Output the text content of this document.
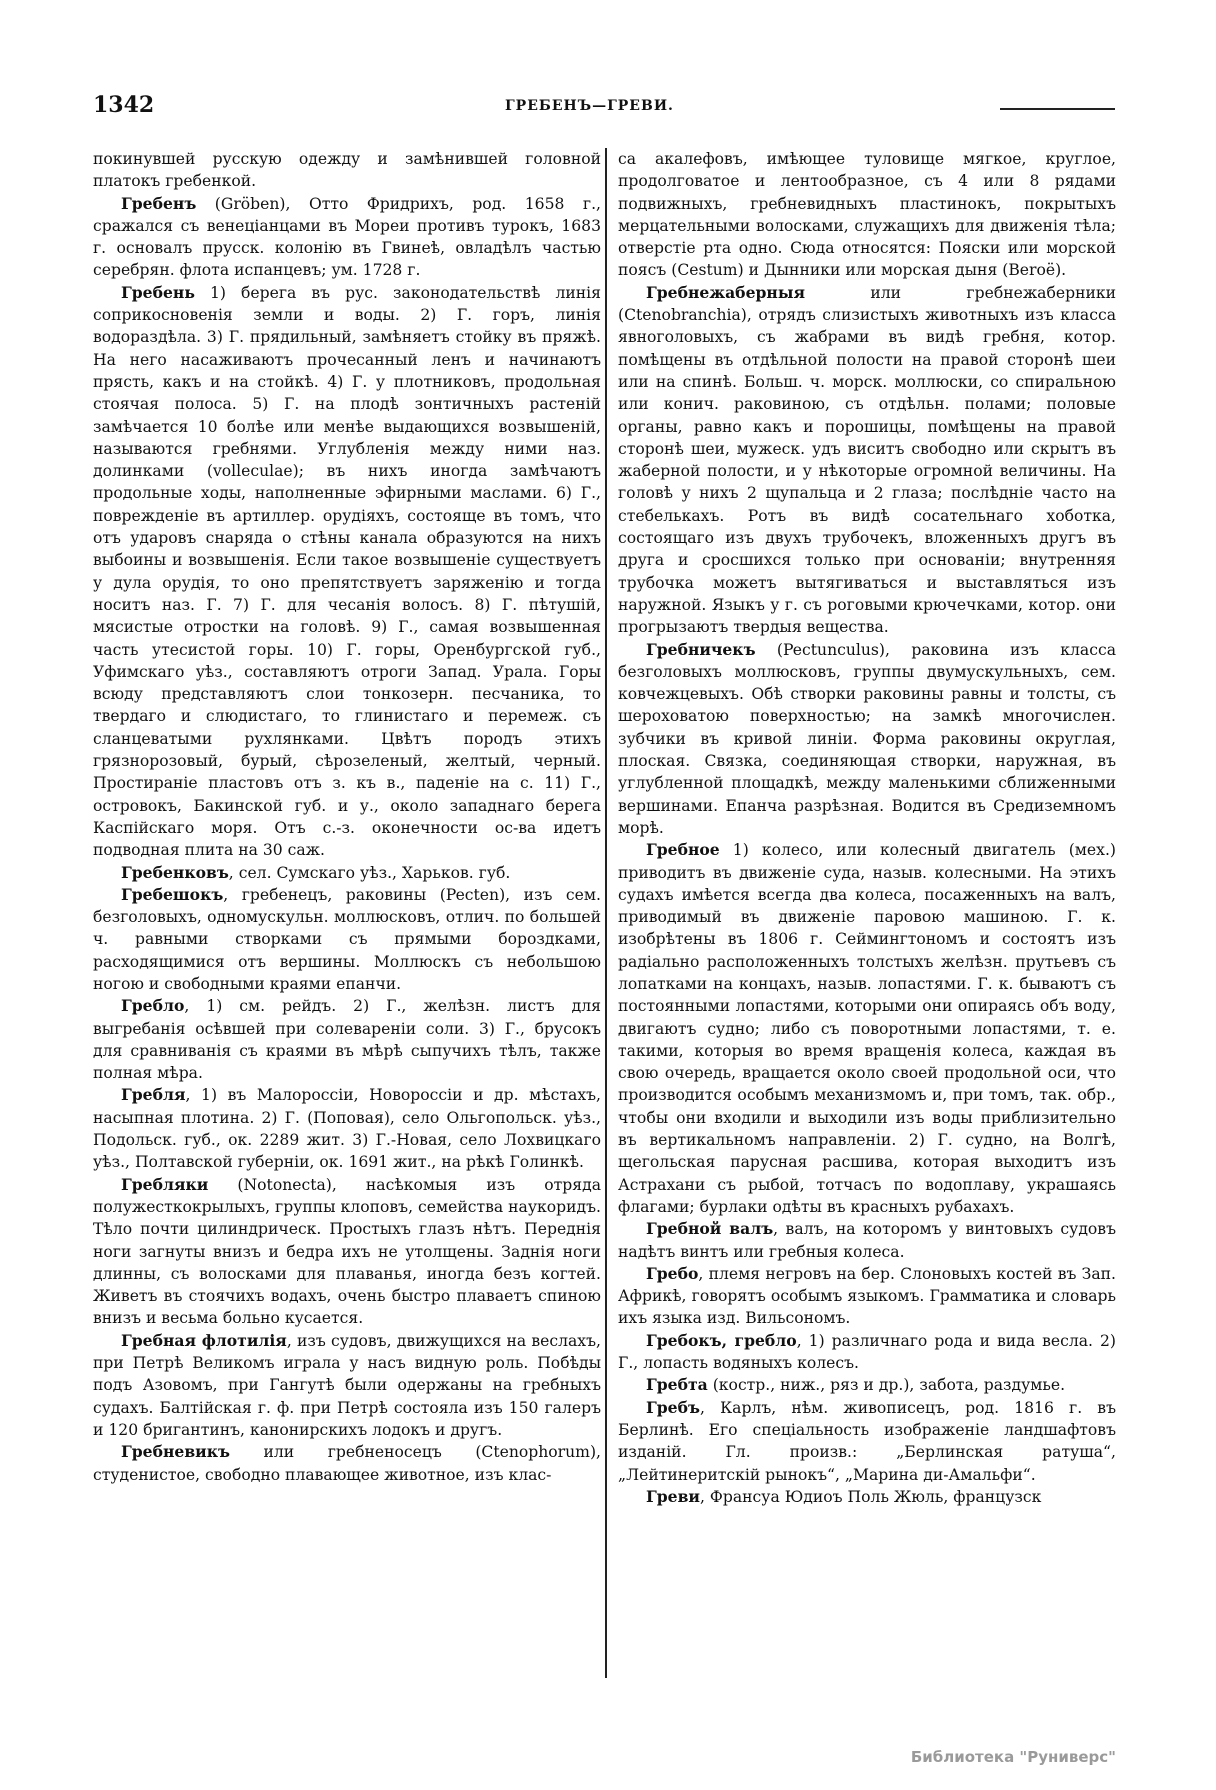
1342	ГРЕБЕНЪ—ГРЕВИ.

покинувшей русскую одежду и замѣнившей головной платокъ гребенкой.

Гребенъ (Gröben), Отто Фридрихъ, род. 1658 г., сражался съ венеціанцами въ Мореи противъ турокъ, 1683 г. основалъ прусск. колонію въ Гвинеѣ, овладѣлъ частью серебрян. флота испанцевъ; ум. 1728 г.

Гребень 1) берега въ рус. законодательствѣ линія соприкосновенія земли и воды. 2) Г. горъ, линія водораздѣла. 3) Г. прядильный, замѣняетъ стойку въ пряжѣ. На него насаживаютъ прочесанный ленъ и начинаютъ прясть, какъ и на стойкѣ. 4) Г. у плотниковъ, продольная стоячая полоса. 5) Г. на плодѣ зонтичныхъ растеній замѣчается 10 болѣе или менѣе выдающихся возвышеній, называются гребнями. Углубленія между ними наз. долинками (volleculae); въ нихъ иногда замѣчаютъ продольные ходы, наполненные эфирными маслами. 6) Г., поврежденіе въ артиллер. орудіяхъ, состояще въ томъ, что отъ ударовъ снаряда о стѣны канала образуются на нихъ выбоины и возвышенія. Если такое возвышеніе существуетъ у дула орудія, то оно препятствуетъ заряженію и тогда носитъ наз. Г. 7) Г. для чесанія волосъ. 8) Г. пѣтушій, мясистые отростки на головѣ. 9) Г., самая возвышенная часть утесистой горы. 10) Г. горы, Оренбургской губ., Уфимскаго уѣз., составляютъ отроги Запад. Урала. Горы всюду представляютъ слои тонкозерн. песчаника, то твердаго и слюдистаго, то глинистаго и перемеж. съ сланцеватыми рухлянками. Цвѣтъ породъ этихъ грязнорозовый, бурый, сѣрозеленый, желтый, черный. Простираніе пластовъ отъ з. къ в., паденіе на с. 11) Г., островокъ, Бакинской губ. и у., около западнаго берега Каспійскаго моря. Отъ с.-з. оконечности ос-ва идетъ подводная плита на 30 саж.

Гребенковъ, сел. Сумскаго уѣз., Харьков. губ.

Гребешокъ, гребенецъ, раковины (Pecten), изъ сем. безголовыхъ, одномускульн. моллюсковъ, отлич. по большей ч. равными створками съ прямыми бороздками, расходящимися отъ вершины. Моллюскъ съ небольшою ногою и свободными краями епанчи.

Гребло, 1) см. рейдъ. 2) Г., желѣзн. листъ для выгребанія осѣвшей при солевареніи соли. 3) Г., брусокъ для сравниванія съ краями въ мѣрѣ сыпучихъ тѣлъ, также полная мѣра.

Гребля, 1) въ Малороссіи, Новороссіи и др. мѣстахъ, насыпная плотина. 2) Г. (Поповая), село Ольгопольск. уѣз., Подольск. губ., ок. 2289 жит. 3) Г.-Новая, село Лохвицкаго уѣз., Полтавской губерніи, ок. 1691 жит., на рѣкѣ Голинкѣ.

Гребляки (Notonecta), насѣкомыя изъ отряда полужесткокрылыхъ, группы клоповъ, семейства наукоридъ. Тѣло почти цилиндрическ. Простыхъ глазъ нѣтъ. Переднія ноги загнуты внизъ и бедра ихъ не утолщены. Заднія ноги длинны, съ волосками для плаванья, иногда безъ когтей. Живетъ въ стоячихъ водахъ, очень быстро плаваетъ спиною внизъ и весьма больно кусается.

Гребная флотилія, изъ судовъ, движущихся на веслахъ, при Петрѣ Великомъ играла у насъ видную роль. Побѣды подъ Азовомъ, при Гангутѣ были одержаны на гребныхъ судахъ. Балтійская г. ф. при Петрѣ состояла изъ 150 галеръ и 120 бригантинъ, канонирскихъ лодокъ и другъ.

Гребневикъ или гребненосецъ (Ctenophorum), студенистое, свободно плавающее животное, изъ клас-

са акалефовъ, имѣющее туловище мягкое, круглое, продолговатое и лентообразное, съ 4 или 8 рядами подвижныхъ, гребневидныхъ пластинокъ, покрытыхъ мерцательными волосками, служащихъ для движенія тѣла; отверстіе рта одно. Сюда относятся: Пояски или морской поясъ (Cestum) и Дынники или морская дыня (Beroë).

Гребнежаберныя или гребнежаберники (Ctenobranchia), отрядъ слизистыхъ животныхъ изъ класса явноголовыхъ, съ жабрами въ видѣ гребня, котор. помѣщены въ отдѣльной полости на правой сторонѣ шеи или на спинѣ. Больш. ч. морск. моллюски, со спиральною или конич. раковиною, съ отдѣльн. полами; половые органы, равно какъ и порошицы, помѣщены на правой сторонѣ шеи, мужеск. удъ виситъ свободно или скрытъ въ жаберной полости, и у нѣкоторые огромной величины. На головѣ у нихъ 2 щупальца и 2 глаза; послѣдніе часто на стебелькахъ. Ротъ въ видѣ сосательнаго хоботка, состоящаго изъ двухъ трубочекъ, вложенныхъ другъ въ друга и сросшихся только при основаніи; внутренняя трубочка можетъ вытягиваться и выставляться изъ наружной. Языкъ у г. съ роговыми крючечками, котор. они прогрызаютъ твердыя вещества.

Гребничекъ (Pectunculus), раковина изъ класса безголовыхъ моллюсковъ, группы двумускульныхъ, сем. ковчежцевыхъ. Обѣ створки раковины равны и толсты, съ шероховатою поверхностью; на замкѣ многочислен. зубчики въ кривой линіи. Форма раковины округлая, плоская. Связка, соединяющая створки, наружная, въ углубленной площадкѣ, между маленькими сближенными вершинами. Епанча разрѣзная. Водится въ Средиземномъ морѣ.

Гребное 1) колесо, или колесный двигатель (мех.) приводитъ въ движеніе суда, назыв. колесными. На этихъ судахъ имѣется всегда два колеса, посаженныхъ на валъ, приводимый въ движеніе паровою машиною. Г. к. изобрѣтены въ 1806 г. Сеймингтономъ и состоятъ изъ радіально расположенныхъ толстыхъ желѣзн. прутьевъ съ лопатками на концахъ, назыв. лопастями. Г. к. бываютъ съ постоянными лопастями, которыми они опираясь объ воду, двигаютъ судно; либо съ поворотными лопастями, т. е. такими, которыя во время вращенія колеса, каждая въ свою очередь, вращается около своей продольной оси, что производится особымъ механизмомъ и, при томъ, так. обр., чтобы они входили и выходили изъ воды приблизительно въ вертикальномъ направленіи. 2) Г. судно, на Волгѣ, щегольская парусная расшива, которая выходитъ изъ Астрахани съ рыбой, тотчасъ по водоплаву, украшаясь флагами; бурлаки одѣты въ красныхъ рубахахъ.

Гребной валъ, валъ, на которомъ у винтовыхъ судовъ надѣтъ винтъ или гребныя колеса.

Гребо, племя негровъ на бер. Слоновыхъ костей въ Зап. Африкѣ, говорятъ особымъ языкомъ. Грамматика и словарь ихъ языка изд. Вильсономъ.

Гребокъ, гребло, 1) различнаго рода и вида весла. 2) Г., лопасть водяныхъ колесъ.

Гребта (костр., ниж., ряз и др.), забота, раздумье.

Гребъ, Карлъ, нѣм. живописецъ, род. 1816 г. въ Берлинѣ. Его спеціальность изображеніе ландшафтовъ изданій. Гл. произв.: „Берлинская ратуша“, „Лейтинеритскій рынокъ“, „Марина ди-Амальфи“.

Греви, Франсуа Юдиоъ Поль Жюль, французск

Библиотека "Руниверс"
